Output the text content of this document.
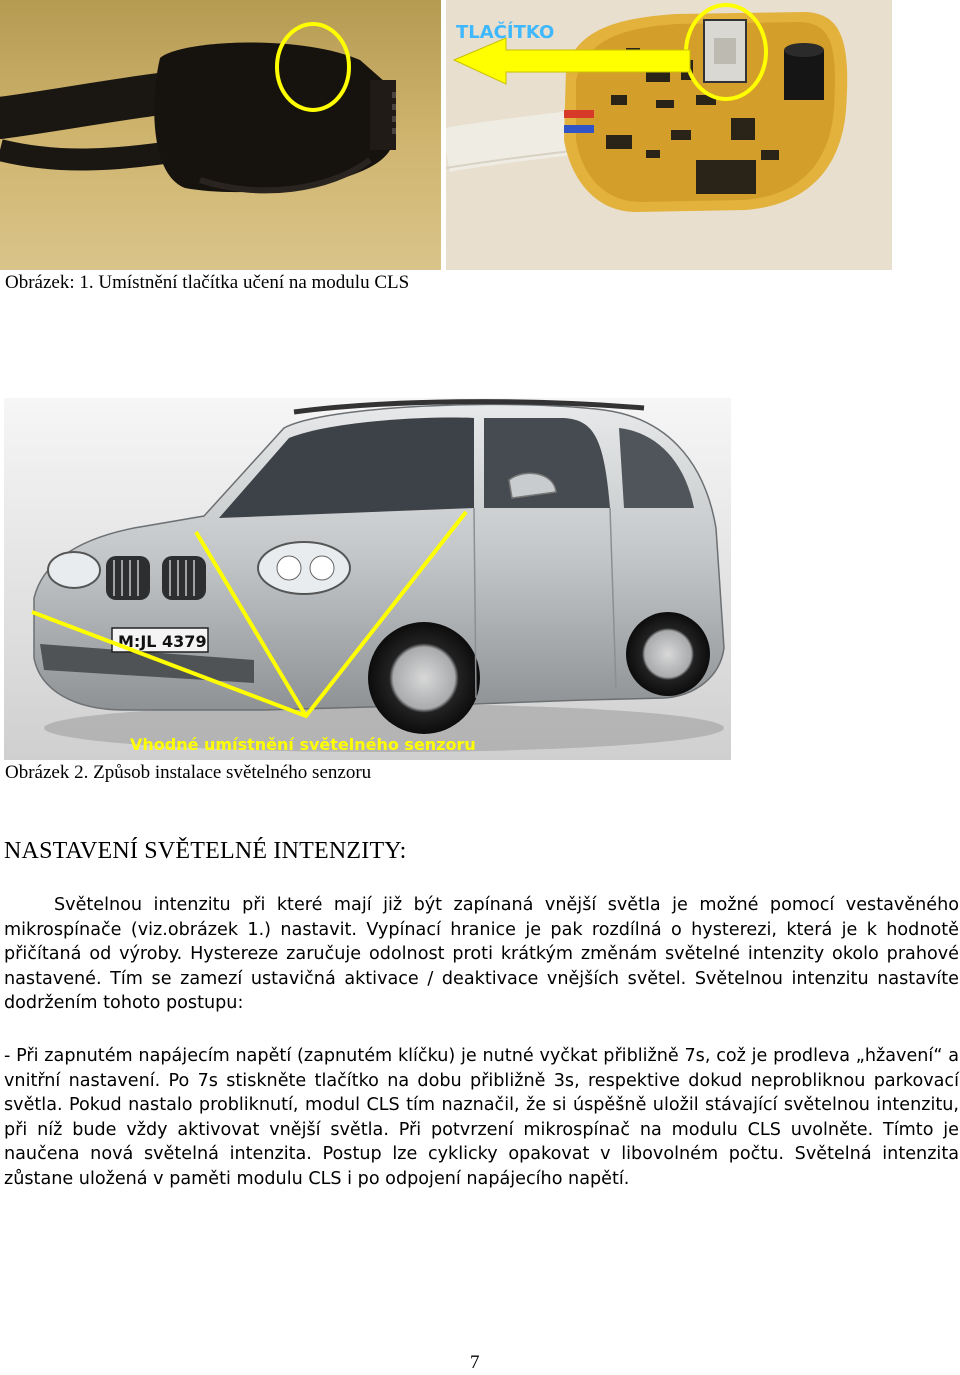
TLAČÍTKO
Obrázek: 1. Umístnění tlačítka učení na modulu CLS
M:JL 4379
Vhodné umístnění světelného senzoru
Obrázek 2. Způsob instalace světelného senzoru
NASTAVENÍ SVĚTELNÉ INTENZITY:
Světelnou intenzitu při které mají již být zapínaná vnější světla je možné pomocí vestavěného
mikrospínače (viz.obrázek 1.) nastavit. Vypínací hranice je pak rozdílná o hysterezi, která je k hodnotě
přičítaná od výroby. Hystereze zaručuje odolnost proti krátkým změnám světelné intenzity okolo prahové
nastavené. Tím se zamezí ustavičná aktivace / deaktivace vnějších světel. Světelnou intenzitu nastavíte
dodržením tohoto postupu:
- Při zapnutém napájecím napětí (zapnutém klíčku) je nutné vyčkat přibližně 7s, což je prodleva „hžavení“ a
vnitřní nastavení. Po 7s stiskněte tlačítko na dobu přibližně 3s, respektive dokud neprobliknou parkovací
světla. Pokud nastalo probliknutí, modul CLS tím naznačil, že si úspěšně uložil stávající světelnou intenzitu,
při níž bude vždy aktivovat vnější světla. Při potvrzení mikrospínač na modulu CLS uvolněte. Tímto je
naučena nová světelná intenzita. Postup lze cyklicky opakovat v libovolném počtu. Světelná intenzita
zůstane uložená v paměti modulu CLS i po odpojení napájecího napětí.
7
